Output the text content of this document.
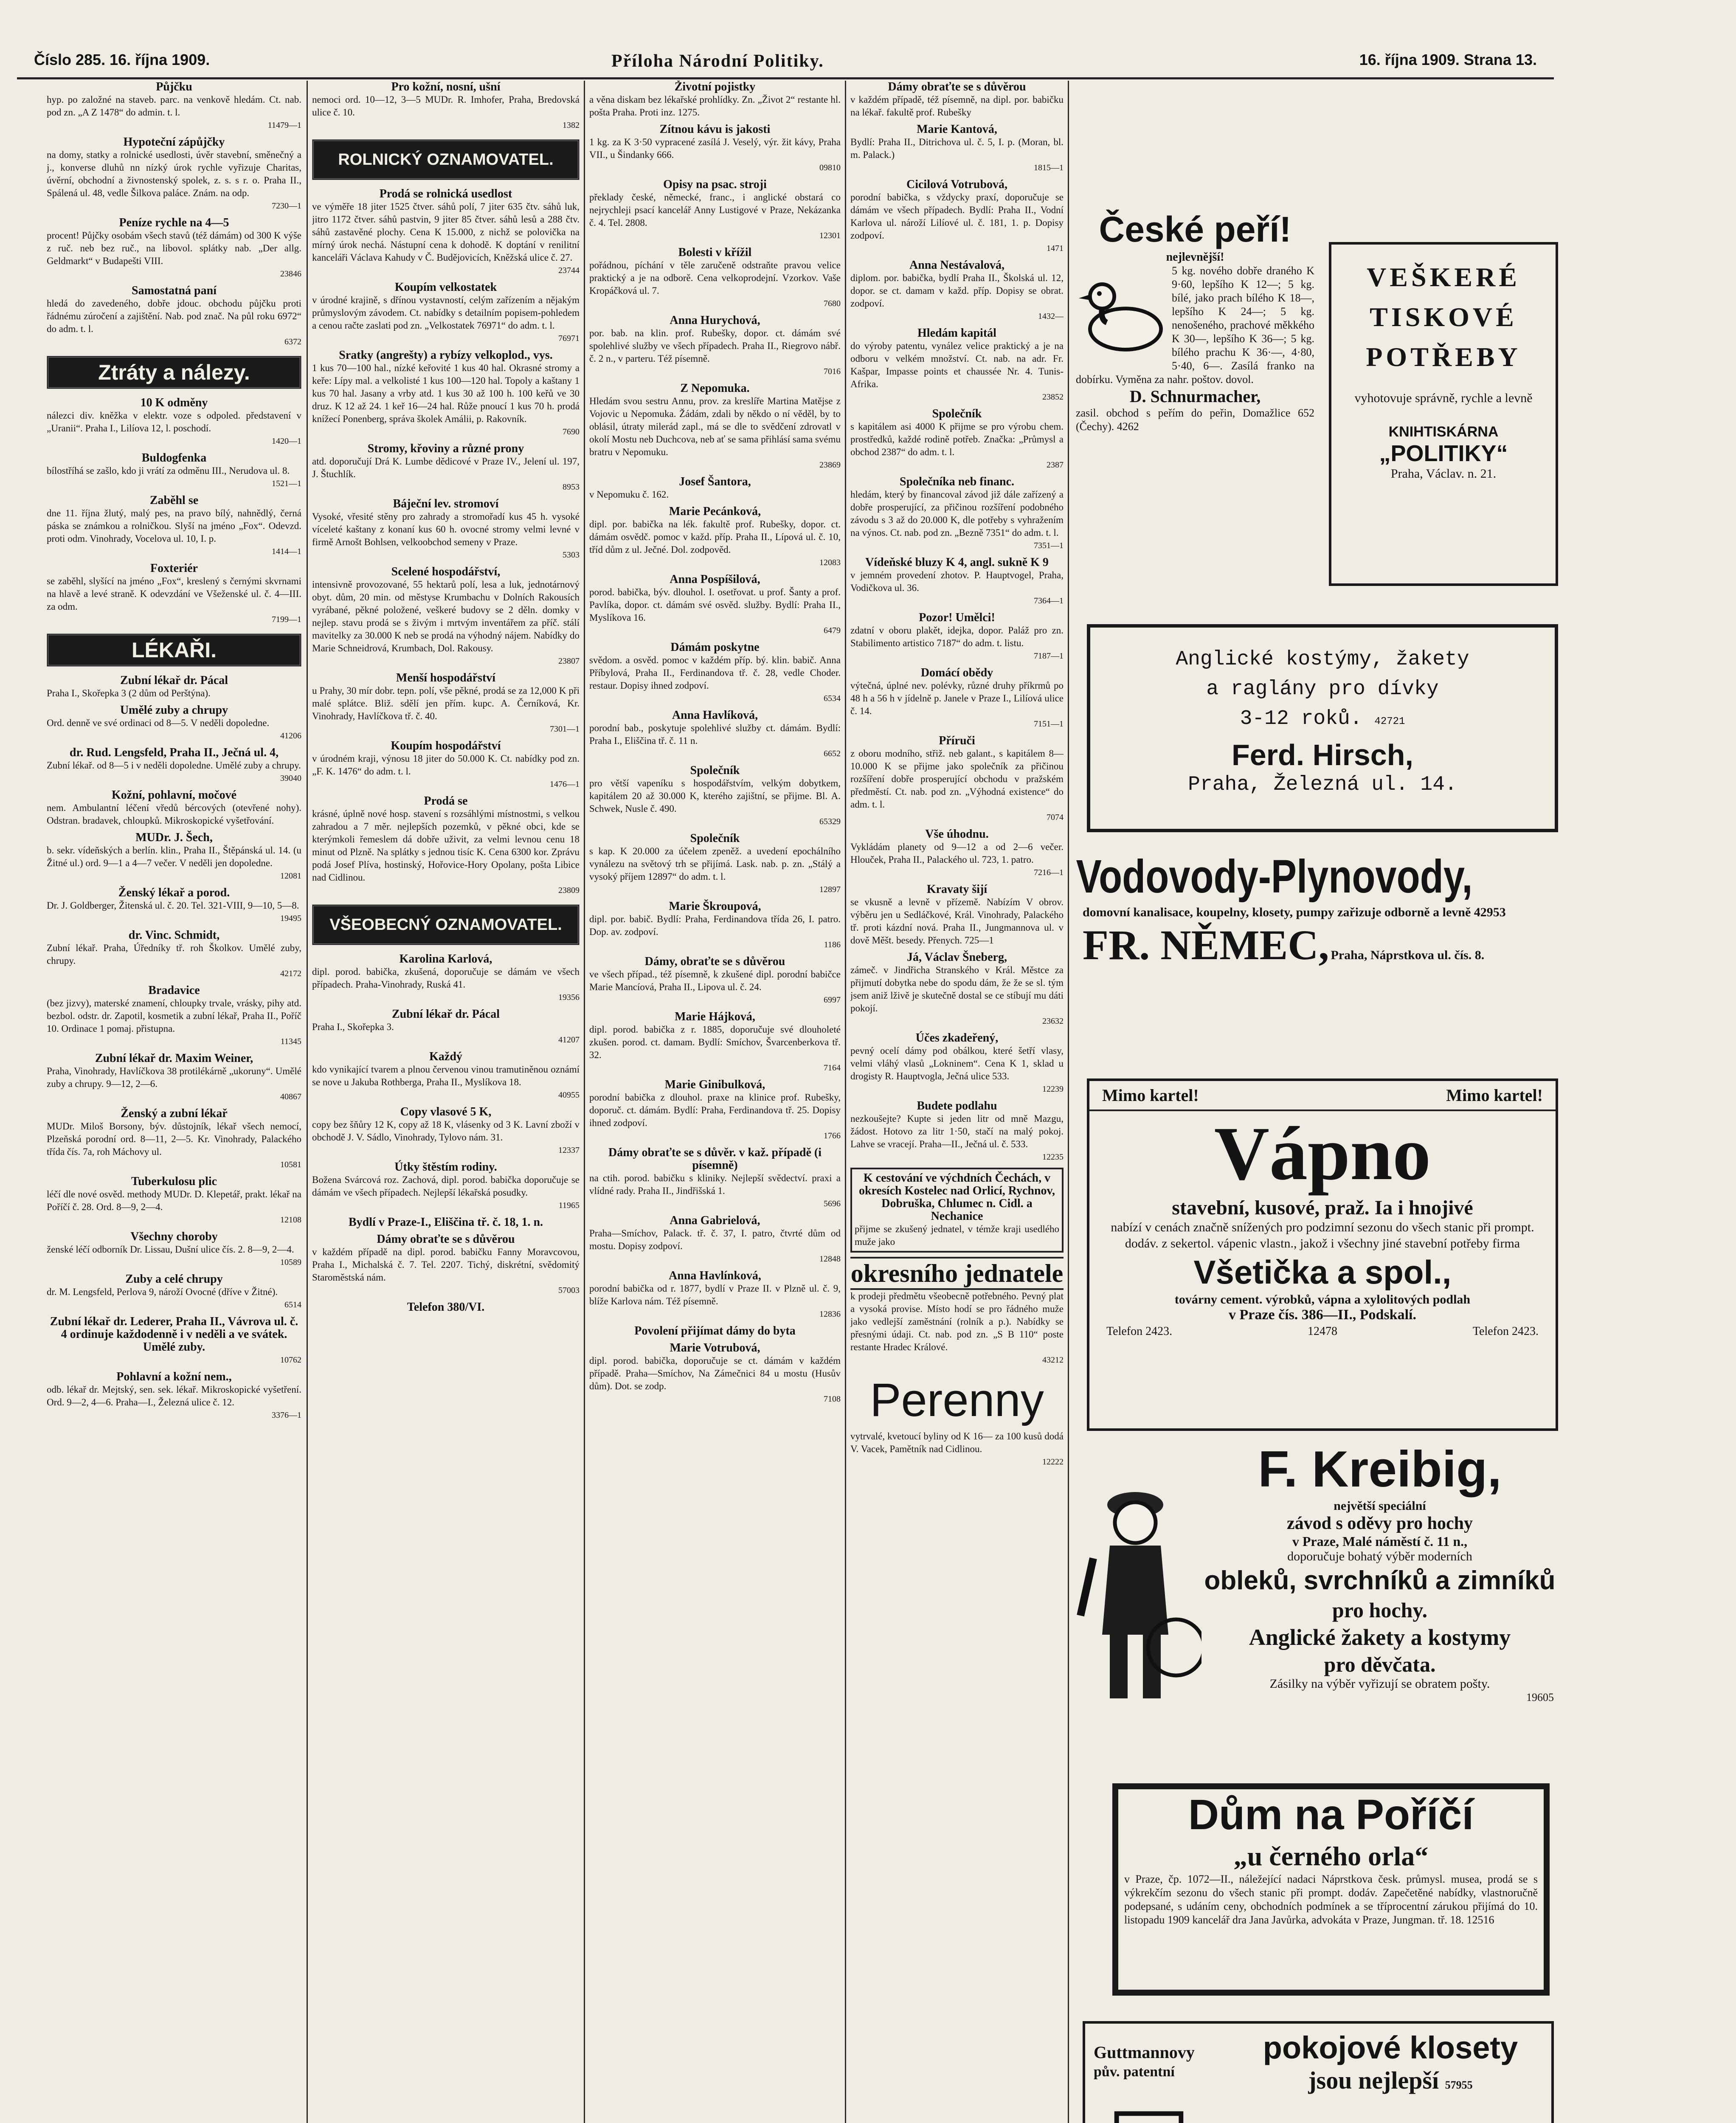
Číslo 285. 16. října 1909.	Příloha Národní Politiky.	16. října 1909. Strana 13.

Půjčku
hyp. po založné na staveb. parc. na venkově hledám. Ct. nab. pod zn. „A Z 1478“ do admin. t. l.
11479—1

Hypoteční zápůjčky
na domy, statky a rolnické usedlosti, úvěr stavební, směnečný a j., konverse dluhů nn nízký úrok rychle vyřizuje Charitas, úvěrní, obchodní a živnostenský spolek, z. s. s r. o. Praha II., Spálená ul. 48, vedle Šilkova paláce. Znám. na odp.
7230—1

Peníze rychle na 4—5
procent! Půjčky osobám všech stavů (též dámám) od 300 K výše z ruč. neb bez ruč., na libovol. splátky nab. „Der allg. Geldmarkt“ v Budapešti VIII.
23846

Samostatná paní
hledá do zavedeného, dobře jdouc. obchodu půjčku proti řádnému zúročení a zajištění. Nab. pod znač. Na půl roku 6972“ do adm. t. l.
6372

Ztráty a nálezy.

10 K odměny
nálezci div. kněžka v elektr. voze s odpoled. představení v „Uranii“. Praha I., Lilíova 12, l. poschodí.
1420—1

Buldogfenka
bílostříhá se zašlo, kdo ji vrátí za odměnu III., Nerudova ul. 8.
1521—1

Zaběhl se
dne 11. října žlutý, malý pes, na pravo bílý, nahnědlý, černá páska se známkou a rolničkou. Slyší na jméno „Fox“. Odevzd. proti odm. Vinohrady, Vocelova ul. 10, I. p.
1414—1

Foxteriér
se zaběhl, slyšící na jméno „Fox“, kreslený s černými skvrnami na hlavě a levé straně. K odevzdání ve Všeženské ul. č. 4—III. za odm.
7199—1

LÉKAŘI.

Zubní lékař dr. Pácal
Praha I., Skořepka 3 (2 dům od Perštýna).

Umělé zuby a chrupy
Ord. denně ve své ordinaci od 8—5. V neděli dopoledne.
41206

dr. Rud. Lengsfeld, Praha II., Ječná ul. 4,
Zubní lékař. od 8—5 i v neděli dopoledne. Umělé zuby a chrupy.
39040

Kožní, pohlavní, močové
nem. Ambulantní léčení vředů bércových (otevřené nohy). Odstran. bradavek, chloupků. Mikroskopické vyšetřování.

MUDr. J. Šech,
b. sekr. vídeňských a berlín. klin., Praha II., Štěpánská ul. 14. (u Žitné ul.) ord. 9—1 a 4—7 večer. V neděli jen dopoledne.
12081

Ženský lékař a porod.
Dr. J. Goldberger, Žitenská ul. č. 20. Tel. 321-VIII, 9—10, 5—8.
19495

dr. Vinc. Schmidt,
Zubní lékař. Praha, Úředníky tř. roh Školkov. Umělé zuby, chrupy.
42172

Bradavice
(bez jizvy), materské znamení, chloupky trvale, vrásky, pihy atd. bezbol. odstr. dr. Zapotil, kosmetik a zubní lékař, Praha II., Poříč 10. Ordinace 1 pomaj. přistupna.
11345

Zubní lékař dr. Maxim Weiner,
Praha, Vinohrady, Havlíčkova 38 protilékárně „ukoruny“. Umělé zuby a chrupy. 9—12, 2—6.
40867

Ženský a zubní lékař
MUDr. Miloš Borsony, býv. důstojník, lékař všech nemocí, Plzeňská porodní ord. 8—11, 2—5. Kr. Vinohrady, Palackého třída čís. 7a, roh Máchovy ul.
10581

Tuberkulosu plic
léčí dle nové osvěd. methody MUDr. D. Klepetář, prakt. lékař na Poříčí č. 28. Ord. 8—9, 2—4.
12108

Všechny choroby
ženské léčí odborník Dr. Lissau, Dušní ulice čís. 2. 8—9, 2—4.
10589

Zuby a celé chrupy
dr. M. Lengsfeld, Perlova 9, nároží Ovocné (dříve v Žitné).
6514

Zubní lékař dr. Lederer, Praha II., Vávrova ul. č. 4 ordinuje každodenně i v neděli a ve svátek. Umělé zuby.
10762

Pohlavní a kožní nem.,
odb. lékař dr. Mejtský, sen. sek. lékař. Mikroskopické vyšetření. Ord. 9—2, 4—6. Praha—I., Železná ulice č. 12.
3376—1

Pro kožní, nosní, ušní
nemoci ord. 10—12, 3—5 MUDr. R. Imhofer, Praha, Bredovská ulice č. 10.
1382

ROLNICKÝ OZNAMOVATEL.

Prodá se rolnická usedlost
ve výměře 18 jiter 1525 čtver. sáhů polí, 7 jiter 635 čtv. sáhů luk, jitro 1172 čtver. sáhů pastvin, 9 jiter 85 čtver. sáhů lesů a 288 čtv. sáhů zastavěné plochy. Cena K 15.000, z nichž se polovička na mírný úrok nechá. Nástupní cena k dohodě. K doptání v renilitní kanceláři Václava Kahudy v Č. Budějovicích, Kněžská ulice č. 27.
23744

Koupím velkostatek
v úrodné krajině, s dřínou vystavností, celým zařízením a nějakým průmyslovým závodem. Ct. nabídky s detailním popisem-pohledem a cenou račte zaslati pod zn. „Velkostatek 76971“ do adm. t. l.
76971

Sratky (angrešty) a rybízy velkoplod., vys.
1 kus 70—100 hal., nízké keřovité 1 kus 40 hal. Okrasné stromy a keře: Lípy mal. a velkolisté 1 kus 100—120 hal. Topoly a kaštany 1 kus 70 hal. Jasany a vrby atd. 1 kus 30 až 100 h. 100 keřů ve 30 druz. K 12 až 24. 1 keř 16—24 hal. Růže pnoucí 1 kus 70 h. prodá knížecí Ponenberg, správa školek Amálii, p. Rakovník.
7690

Stromy, křoviny a různé prony
atd. doporučují Drá K. Lumbe dědicové v Praze IV., Jelení ul. 197, J. Štuchlík.
8953

Báječní lev. stromoví
Vysoké, vřesité stěny pro zahrady a stromořadí kus 45 h. vysoké víceleté kaštany z konaní kus 60 h. ovocné stromy velmi levné v firmě Arnošt Bohlsen, velkoobchod semeny v Praze.
5303

Scelené hospodářství,
intensivně provozované, 55 hektarů polí, lesa a luk, jednotárnový obyt. dům, 20 min. od městyse Krumbachu v Dolních Rakousích vyrábané, pěkné položené, veškeré budovy se 2 děln. domky v nejlep. stavu prodá se s živým i mrtvým inventářem za příč. stálí mavitelky za 30.000 K neb se prodá na výhodný nájem. Nabídky do Marie Schneidrová, Krumbach, Dol. Rakousy.
23807

Menší hospodářství
u Prahy, 30 mír dobr. tepn. polí, vše pěkné, prodá se za 12,000 K při malé splátce. Bliž. sdělí jen přím. kupc. A. Černíková, Kr. Vinohrady, Havlíčkova tř. č. 40.
7301—1

Koupím hospodářství
v úrodném kraji, výnosu 18 jiter do 50.000 K. Ct. nabídky pod zn. „F. K. 1476“ do adm. t. l.
1476—1

Prodá se
krásné, úplně nové hosp. stavení s rozsáhlými místnostmi, s velkou zahradou a 7 měr. nejlepších pozemků, v pěkné obci, kde se kterýmkoli řemeslem dá dobře uživit, za velmi levnou cenu 18 minut od Plzně. Na splátky s jednou tisíc K. Cena 6300 kor. Zprávu podá Josef Plíva, hostinský, Hořovice-Hory Opolany, pošta Libice nad Cidlinou.
23809

VŠEOBECNÝ OZNAMOVATEL.

Karolina Karlová,
dipl. porod. babička, zkušená, doporučuje se dámám ve všech případech. Praha-Vinohrady, Ruská 41.
19356

Zubní lékař dr. Pácal
Praha I., Skořepka 3.
41207

Každý
kdo vynikající tvarem a plnou červenou vinou tramutiněnou oznámí se nove u Jakuba Rothberga, Praha II., Myslíkova 18.
40955

Copy vlasové 5 K,
copy bez šňůry 12 K, copy až 18 K, vlásenky od 3 K. Lavní zboží v obchodě J. V. Sádlo, Vinohrady, Tylovo nám. 31.
12337

Útky štěstím rodiny.
Božena Svárcová roz. Zachová, dipl. porod. babička doporučuje se dámám ve všech případech. Nejlepší lékařská posudky.
11965

Bydlí v Praze-I., Eliščina tř. č. 18, 1. n.

Dámy obraťte se s důvěrou
v každém případě na dipl. porod. babičku Fanny Moravcovou, Praha I., Michalská č. 7. Tel. 2207. Tichý, diskrétní, svědomitý Staroměstská nám.
57003

Telefon 380/VI.

Životní pojistky
a věna diskam bez lékařské prohlídky. Zn. „Život 2“ restante hl. pošta Praha. Proti inz. 1275.

Zítnou kávu is jakosti
1 kg. za K 3·50 vypracené zasílá J. Veselý, výr. žit kávy, Praha VII., u Šindanky 666.
09810

Opisy na psac. stroji
překlady české, německé, franc., i anglické obstará co nejrychleji psací kancelář Anny Lustigové v Praze, Nekázanka č. 4. Tel. 2808.
12301

Bolesti v křížil
pořádnou, píchání v těle zaručeně odstraňte pravou velice praktický a je na odborě. Cena velkoprodejní. Vzorkov. Vaše Kropáčková ul. 7.
7680

Anna Hurychová,
por. bab. na klin. prof. Rubešky, dopor. ct. dámám své spolehlivé služby ve všech případech. Praha II., Riegrovo nábř. č. 2 n., v parteru. Též písemně.
7016

Z Nepomuka.
Hledám svou sestru Annu, prov. za kreslíře Martina Matějse z Vojovic u Nepomuka. Žádám, zdali by někdo o ní věděl, by to oblásil, útraty milerád zapl., má se dle to svědčení zdrovatl v okolí Mostu neb Duchcova, neb ať se sama přihlásí sama svému bratru v Nepomuku.
23869

Josef Šantora,
v Nepomuku č. 162.

Marie Pecánková,
dipl. por. babička na lék. fakultě prof. Rubešky, dopor. ct. dámám osvědč. pomoc v každ. příp. Praha II., Lípová ul. č. 10, tříd dům z ul. Ječné. Dol. zodpověd.
12083

Anna Pospíšilová,
porod. babička, býv. dlouhol. I. osetřovat. u prof. Šanty a prof. Pavlíka, dopor. ct. dámám své osvěd. služby. Bydlí: Praha II., Myslíkova 16.
6479

Dámám poskytne
svědom. a osvěd. pomoc v každém příp. bý. klin. babič. Anna Příbylová, Praha II., Ferdinandova tř. č. 28, vedle Choder. restaur. Dopisy ihned zodpoví.
6534

Anna Havlíková,
porodní bab., poskytuje spolehlivé služby ct. dámám. Bydlí: Praha I., Eliščina tř. č. 11 n.
6652

Společník
pro větší vapeníku s hospodářstvím, velkým dobytkem, kapitálem 20 až 30.000 K, kterého zajištní, se přijme. Bl. A. Schwek, Nusle č. 490.
65329

Společník
s kap. K 20.000 za účelem zpeněž. a uvedení epochálního vynálezu na světový trh se přijímá. Lask. nab. p. zn. „Stálý a vysoký příjem 12897“ do adm. t. l.
12897

Marie Škroupová,
dipl. por. babič. Bydlí: Praha, Ferdinandova třída 26, I. patro. Dop. av. zodpoví.
1186

Dámy, obraťte se s důvěrou
ve všech případ., též písemně, k zkušené dipl. porodní babičce Marie Mancíová, Praha II., Lipova ul. č. 24.
6997

Marie Hájková,
dipl. porod. babička z r. 1885, doporučuje své dlouholeté zkušen. porod. ct. damam. Bydlí: Smíchov, Švarcenberkova tř. 32.
7164

Marie Ginibulková,
porodní babička z dlouhol. praxe na klinice prof. Rubešky, doporuč. ct. dámám. Bydlí: Praha, Ferdinandova tř. 25. Dopisy ihned zodpoví.
1766

Dámy obraťte se s důvěr. v kaž. případě (i písemně)
na ctih. porod. babičku s kliniky. Nejlepší svědectví. praxi a vlídné rady. Praha II., Jindřišská 1.
5696

Anna Gabrielová,
Praha—Smíchov, Palack. tř. č. 37, I. patro, čtvrté dům od mostu. Dopisy zodpoví.
12848

Anna Havlínková,
porodní babička od r. 1877, bydlí v Praze II. v Plzně ul. č. 9, blíže Karlova nám. Též písemně.
12836

Povolení přijímat dámy do byta

Marie Votrubová,
dipl. porod. babička, doporučuje se ct. dámám v každém případě. Praha—Smíchov, Na Zámečnici 84 u mostu (Husův dům). Dot. se zodp.
7108

Dámy obraťte se s důvěrou
v každém případě, též písemně, na dipl. por. babičku na lékař. fakultě prof. Rubešky

Marie Kantová,
Bydlí: Praha II., Ditrichova ul. č. 5, I. p. (Moran, bl. m. Palack.)
1815—1

Cicilová Votrubová,
porodní babička, s vždycky praxí, doporučuje se dámám ve všech případech. Bydlí: Praha II., Vodní Karlova ul. nároží Lilíové ul. č. 181, 1. p. Dopisy zodpoví.
1471

Anna Nestávalová,
diplom. por. babička, bydlí Praha II., Školská ul. 12, dopor. se ct. damam v každ. příp. Dopisy se obrat. zodpoví.
1432—

Hledám kapitál
do výroby patentu, vynález velice praktický a je na odboru v velkém množství. Ct. nab. na adr. Fr. Kašpar, Impasse points et chaussée Nr. 4. Tunis-Afrika.
23852

Společník
s kapitálem asi 4000 K přijme se pro výrobu chem. prostředků, každé rodině potřeb. Značka: „Průmysl a obchod 2387“ do adm. t. l.
2387

Společníka neb financ.
hledám, který by financoval závod již dále zařízený a dobře prosperující, za přičinou rozšíření podobného závodu s 3 až do 20.000 K, dle potřeby s vyhražením na výnos. Ct. nab. pod zn. „Bezně 7351“ do adm. t. l.
7351—1

Vídeňské bluzy K 4, angl. sukně K 9
v jemném provedení zhotov. P. Hauptvogel, Praha, Vodičkova ul. 36.
7364—1

Pozor! Umělci!
zdatní v oboru plakět, idejka, dopor. Paláž pro zn. Stabilimento artistico 7187“ do adm. t. listu.
7187—1

Domácí obědy
výtečná, úplné nev. polévky, různé druhy příkrmů po 48 h a 56 h v jídelně p. Janele v Praze I., Lilíová ulice č. 14.
7151—1

Příruči
z oboru modního, střiž. neb galant., s kapitálem 8—10.000 K se přijme jako společník za přičinou rozšíření dobře prosperující obchodu v pražském předměstí. Ct. nab. pod zn. „Výhodná existence“ do adm. t. l.
7074

Vše úhodnu.
Vykládám planety od 9—12 a od 2—6 večer. Hlouček, Praha II., Palackého ul. 723, 1. patro.
7216—1

Kravaty šijí
se vkusně a levně v přízemě. Nabízím V obrov. výběru jen u Sedláčkové, Král. Vinohrady, Palackého tř. proti kázdní nová. Praha II., Jungmannova ul. v dově Měšt. besedy. Přenych. 725—1

Já, Václav Šneberg,
zámeč. v Jindřicha Stranského v Král. Městce za přijmutí dobytka nebe do spodu dám, že že se sl. tým jsem aniž lživě je skutečně dostal se ce stíbují mu dáti pokojí.
23632

Účes zkadeřený,
pevný ocelí dámy pod obálkou, které šetří vlasy, velmi vláhý vlasů „Lokninem“. Cena K 1, sklad u drogisty R. Hauptvogla, Ječná ulice 533.
12239

Budete podlahu
nezkoušejte? Kupte si jeden litr od mně Mazgu, žádost. Hotovo za litr 1·50, stačí na malý pokoj. Lahve se vracejí. Praha—II., Ječná ul. č. 533.
12235

K cestování ve výchdních Čechách, v okresích Kostelec nad Orlicí, Rychnov, Dobruška, Chlumec n. Cidl. a Nechanice
přijme se zkušený jednatel, v témže kraji usedlého muže jako

okresního jednatele
k prodeji předmětu všeobecně potřebného. Pevný plat a vysoká provise. Místo hodí se pro řádného muže jako vedlejší zaměstnání (rolník a p.). Nabídky se přesnými údaji. Ct. nab. pod zn. „S B 110“ poste restante Hradec Králové.
43212

Perenny
vytrvalé, kvetoucí byliny od K 16— za 100 kusů dodá V. Vacek, Pamětník nad Cidlinou.
12222

České peří!
nejlevnější!

5 kg. nového dobře draného K 9·60, lepšího K 12—; 5 kg. bílé, jako prach bílého K 18—, lepšího K 24—; 5 kg. nenošeného, prachové měkkého K 30—, lepšího K 36—; 5 kg. bílého prachu K 36·—, 4·80, 5·40, 6—. Zasílá franko na dobírku. Vyměna za nahr. poštov. dovol.

D. Schnurmacher,

zasil. obchod s peřím do peřin, Domažlice 652 (Čechy). 4262

VEŠKERÉ TISKOVÉ POTŘEBY

vyhotovuje správně, rychle a levně

KNIHTISKÁRNA

„POLITIKY“

Praha, Václav. n. 21.

Anglické kostýmy, žakety

a raglány pro dívky

3-12 roků. 42721

Ferd. Hirsch,

Praha, Železná ul. 14.

Vodovody-Plynovody,

domovní kanalisace, koupelny, klosety, pumpy zařizuje odborně a levně 42953

FR. NĚMEC, Praha, Náprstkova ul. čís. 8.

Mimo kartel!	Mimo kartel!

Vápno

stavební, kusové, praž. Ia i hnojivé

nabízí v cenách značně snížených pro podzimní sezonu do všech stanic při prompt. dodáv. z sekertol. vápenic vlastn., jakož i všechny jiné stavební potřeby firma

Všetička a spol.,

továrny cement. výrobků, vápna a xylolitových podlah

v Praze čís. 386—II., Podskalí.

Telefon 2423.	12478	Telefon 2423.

F. Kreibig,

největší speciální

závod s oděvy pro hochy

v Praze, Malé náměstí č. 11 n.,

doporučuje bohatý výběr moderních

obleků, svrchníků a zimníků

pro hochy.

Anglické žakety a kostymy

pro děvčata.

Zásilky na výběr vyřizují se obratem pošty.

19605

Dům na Poříčí

„u černého orla“

v Praze, čp. 1072—II., náležející nadaci Náprstkova česk. průmysl. musea, prodá se s výkrekčím sezonu do všech stanic při prompt. dodáv. Zapečetěné nabídky, vlastnoručně podepsané, s udáním ceny, obchodních podmínek a se tříprocentní zárukou přijímá do 10. listopadu 1909 kancelář dra Jana Javůrka, advokáta v Praze, Jungman. tř. 18. 12516

Guttmannovy
pův. patentní
pokojové klosety
jsou nejlepší 57955
